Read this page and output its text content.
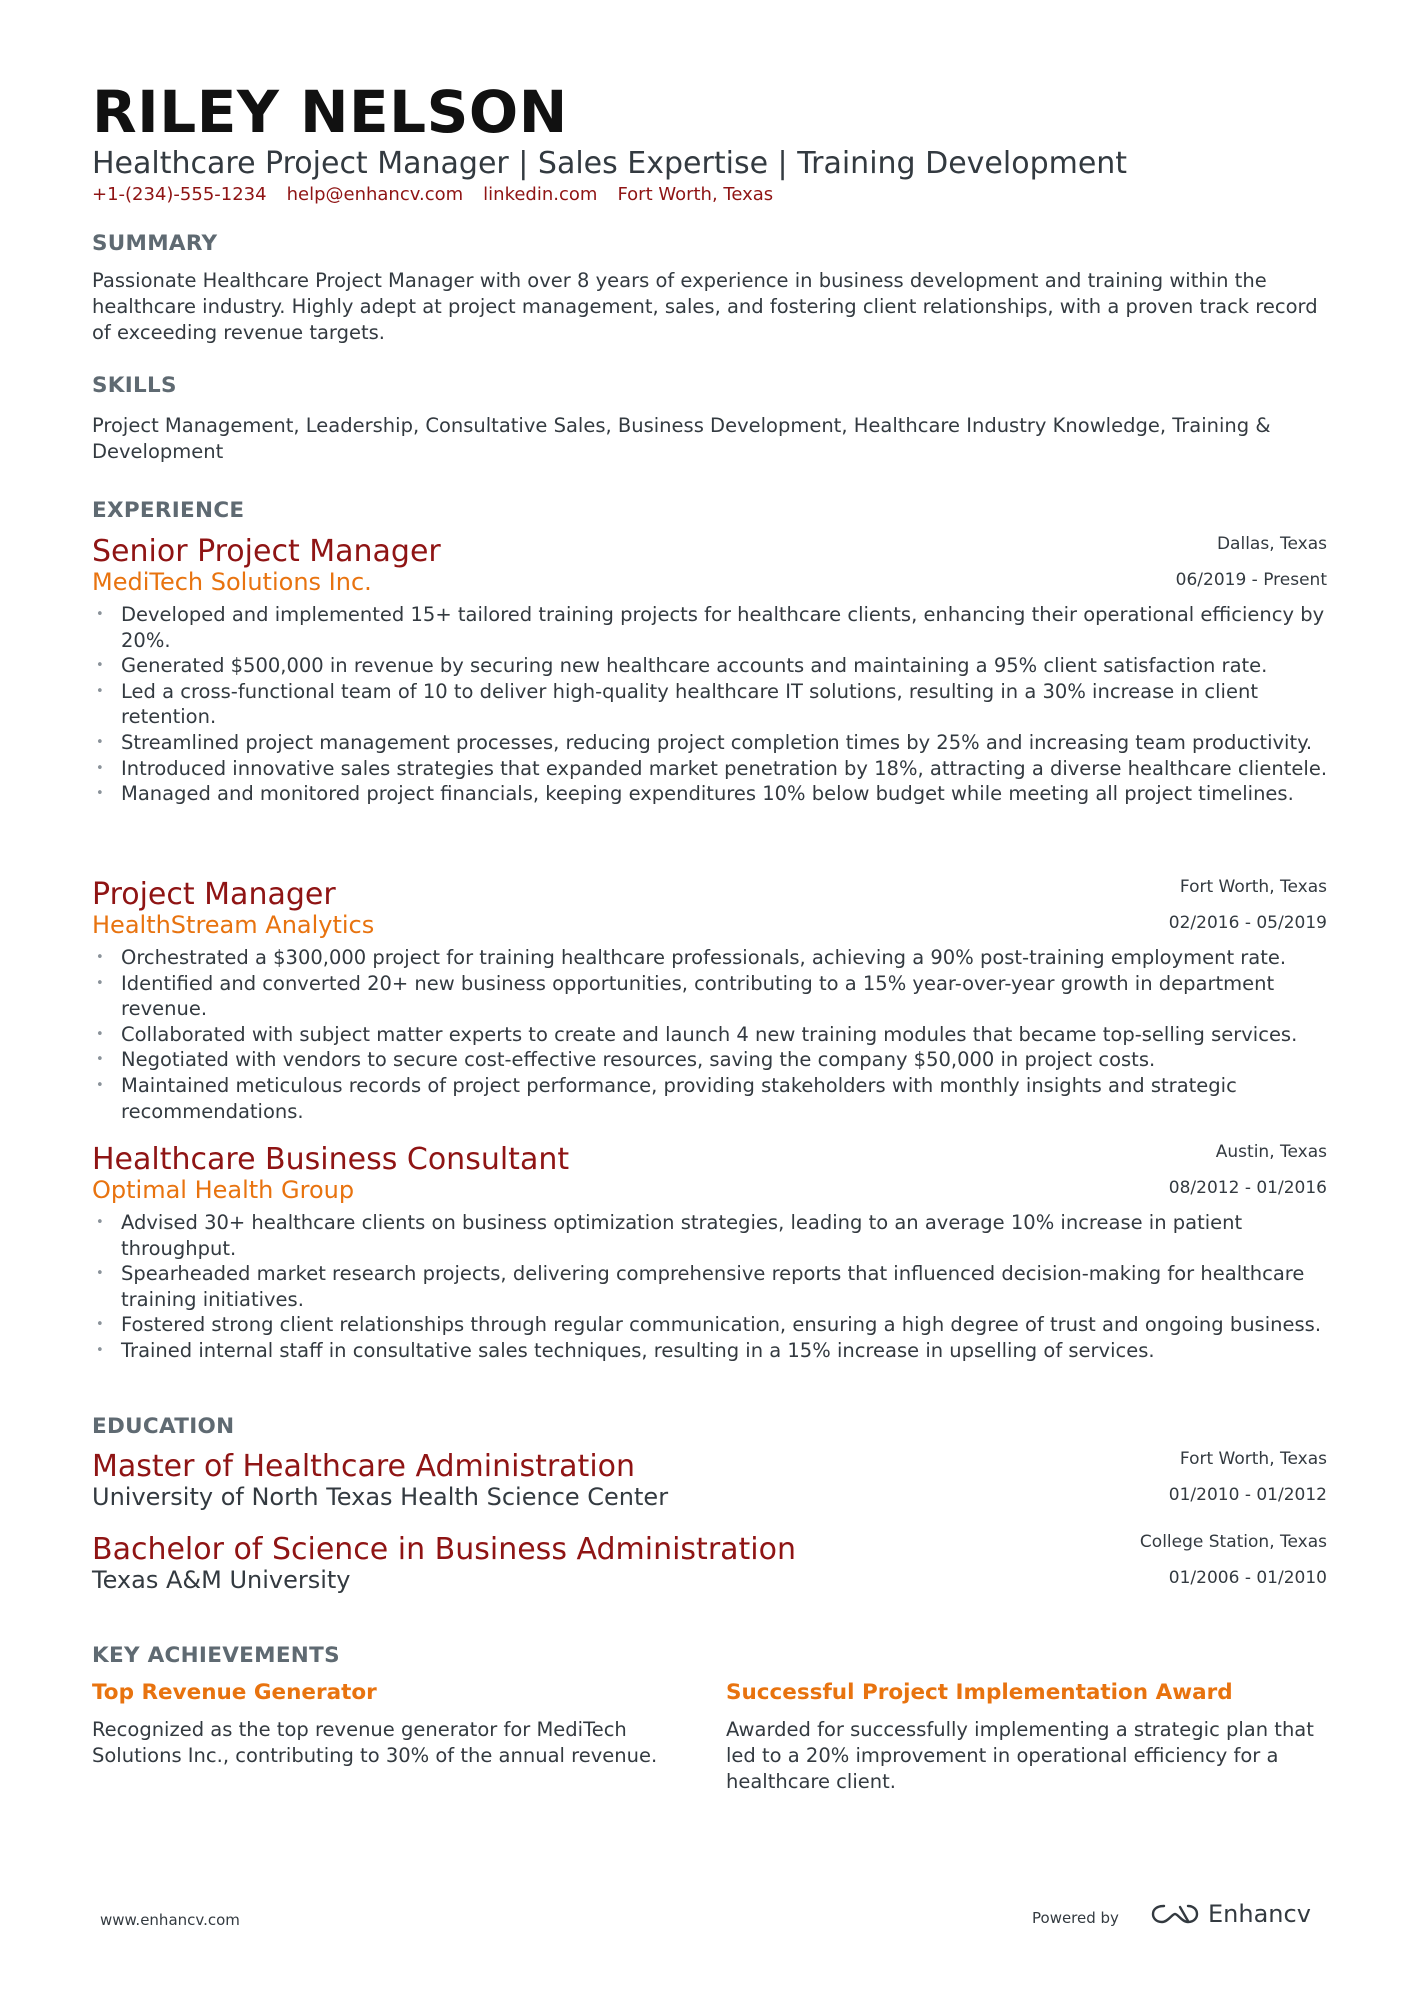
RILEY NELSON
Healthcare Project Manager | Sales Expertise | Training Development
+1-(234)-555-1234 help@enhancv.com linkedin.com Fort Worth, Texas
SUMMARY

Passionate Healthcare Project Manager with over 8 years of experience in business development and training within the healthcare industry. Highly adept at project management, sales, and fostering client relationships, with a proven track record of exceeding revenue targets.

SKILLS

Project Management, Leadership, Consultative Sales, Business Development, Healthcare Industry Knowledge, Training & Development

EXPERIENCE
Senior Project Manager
MediTech Solutions Inc.
Dallas, Texas
06/2019 - Present
• Developed and implemented 15+ tailored training projects for healthcare clients, enhancing their operational efficiency by 20%.
• Generated $500,000 in revenue by securing new healthcare accounts and maintaining a 95% client satisfaction rate.
• Led a cross-functional team of 10 to deliver high-quality healthcare IT solutions, resulting in a 30% increase in client retention.
• Streamlined project management processes, reducing project completion times by 25% and increasing team productivity.
• Introduced innovative sales strategies that expanded market penetration by 18%, attracting a diverse healthcare clientele.
• Managed and monitored project financials, keeping expenditures 10% below budget while meeting all project timelines.
Project Manager
HealthStream Analytics
Fort Worth, Texas
02/2016 - 05/2019
• Orchestrated a $300,000 project for training healthcare professionals, achieving a 90% post-training employment rate.
• Identified and converted 20+ new business opportunities, contributing to a 15% year-over-year growth in department revenue.
• Collaborated with subject matter experts to create and launch 4 new training modules that became top-selling services.
• Negotiated with vendors to secure cost-effective resources, saving the company $50,000 in project costs.
• Maintained meticulous records of project performance, providing stakeholders with monthly insights and strategic recommendations.
Healthcare Business Consultant
Optimal Health Group
Austin, Texas
08/2012 - 01/2016
• Advised 30+ healthcare clients on business optimization strategies, leading to an average 10% increase in patient throughput.
• Spearheaded market research projects, delivering comprehensive reports that influenced decision-making for healthcare training initiatives.
• Fostered strong client relationships through regular communication, ensuring a high degree of trust and ongoing business.
• Trained internal staff in consultative sales techniques, resulting in a 15% increase in upselling of services.
EDUCATION
Master of Healthcare Administration
University of North Texas Health Science Center
Fort Worth, Texas
01/2010 - 01/2012
Bachelor of Science in Business Administration
Texas A&M University
College Station, Texas
01/2006 - 01/2010
KEY ACHIEVEMENTS

Top Revenue Generator

Recognized as the top revenue generator for MediTech Solutions Inc., contributing to 30% of the annual revenue.

Successful Project Implementation Award

Awarded for successfully implementing a strategic plan that led to a 20% improvement in operational efficiency for a healthcare client.

www.enhancv.com	Powered by	Enhancv
